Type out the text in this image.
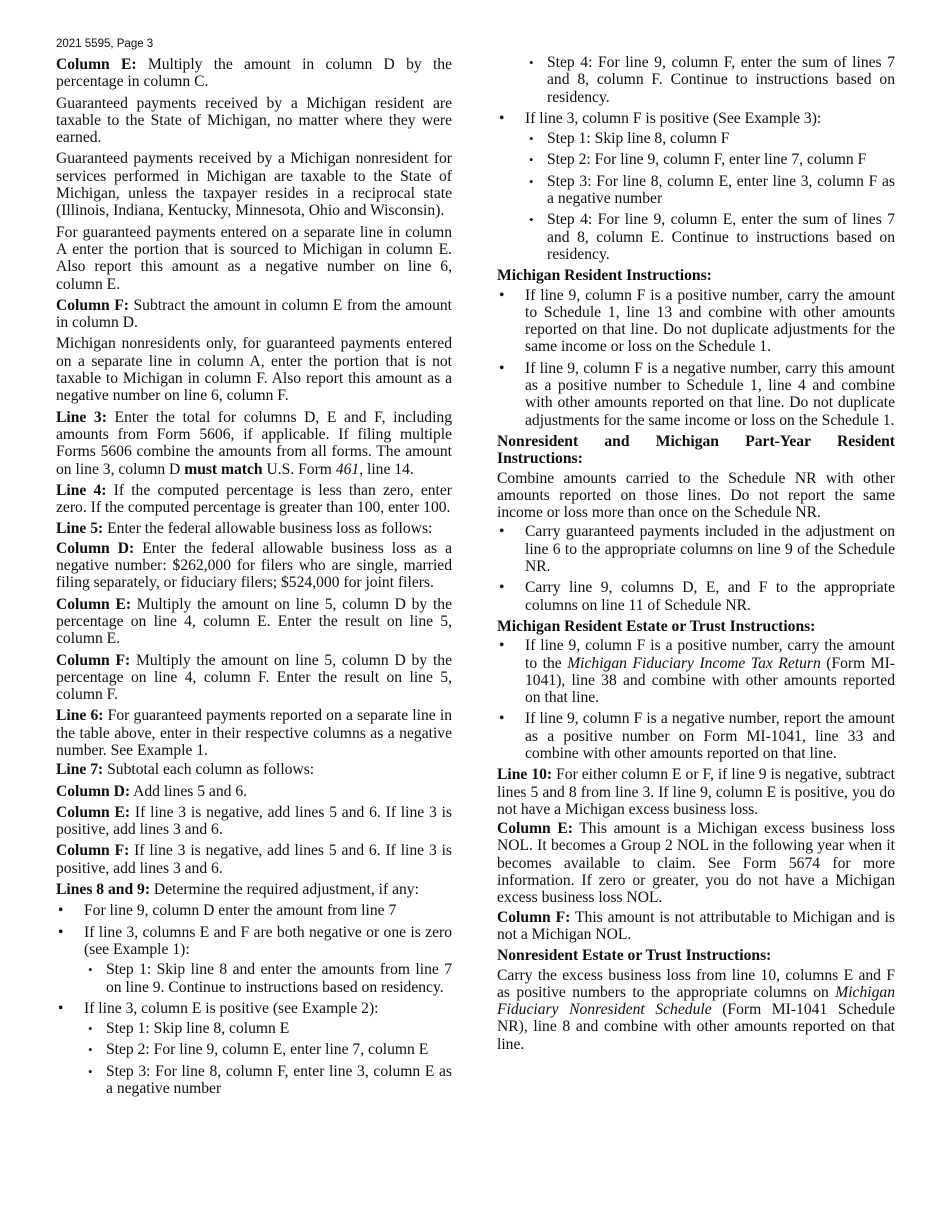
2021 5595, Page 3

Column E: Multiply the amount in column D by the percentage in column C.

Guaranteed payments received by a Michigan resident are taxable to the State of Michigan, no matter where they were earned.

Guaranteed payments received by a Michigan nonresident for services performed in Michigan are taxable to the State of Michigan, unless the taxpayer resides in a reciprocal state (Illinois, Indiana, Kentucky, Minnesota, Ohio and Wisconsin).

For guaranteed payments entered on a separate line in column A enter the portion that is sourced to Michigan in column E. Also report this amount as a negative number on line 6, column E.

Column F: Subtract the amount in column E from the amount in column D.

Michigan nonresidents only, for guaranteed payments entered on a separate line in column A, enter the portion that is not taxable to Michigan in column F. Also report this amount as a negative number on line 6, column F.

Line 3: Enter the total for columns D, E and F, including amounts from Form 5606, if applicable. If filing multiple Forms 5606 combine the amounts from all forms. The amount on line 3, column D must match U.S. Form 461, line 14.

Line 4: If the computed percentage is less than zero, enter zero. If the computed percentage is greater than 100, enter 100.

Line 5: Enter the federal allowable business loss as follows:

Column D: Enter the federal allowable business loss as a negative number: $262,000 for filers who are single, married filing separately, or fiduciary filers; $524,000 for joint filers.

Column E: Multiply the amount on line 5, column D by the percentage on line 4, column E. Enter the result on line 5, column E.

Column F: Multiply the amount on line 5, column D by the percentage on line 4, column F. Enter the result on line 5, column F.

Line 6: For guaranteed payments reported on a separate line in the table above, enter in their respective columns as a negative number. See Example 1.

Line 7: Subtotal each column as follows:

Column D: Add lines 5 and 6.

Column E: If line 3 is negative, add lines 5 and 6. If line 3 is positive, add lines 3 and 6.

Column F: If line 3 is negative, add lines 5 and 6. If line 3 is positive, add lines 3 and 6.

Lines 8 and 9: Determine the required adjustment, if any:

• For line 9, column D enter the amount from line 7
• If line 3, columns E and F are both negative or one is zero (see Example 1):
• Step 1: Skip line 8 and enter the amounts from line 7 on line 9. Continue to instructions based on residency.
• If line 3, column E is positive (see Example 2):
• Step 1: Skip line 8, column E
• Step 2: For line 9, column E, enter line 7, column E
• Step 3: For line 8, column F, enter line 3, column E as a negative number
• Step 4: For line 9, column F, enter the sum of lines 7 and 8, column F. Continue to instructions based on residency.
• If line 3, column F is positive (See Example 3):
• Step 1: Skip line 8, column F
• Step 2: For line 9, column F, enter line 7, column F
• Step 3: For line 8, column E, enter line 3, column F as a negative number
• Step 4: For line 9, column E, enter the sum of lines 7 and 8, column E. Continue to instructions based on residency.
Michigan Resident Instructions:
• If line 9, column F is a positive number, carry the amount to Schedule 1, line 13 and combine with other amounts reported on that line. Do not duplicate adjustments for the same income or loss on the Schedule 1.
• If line 9, column F is a negative number, carry this amount as a positive number to Schedule 1, line 4 and combine with other amounts reported on that line. Do not duplicate adjustments for the same income or loss on the Schedule 1.
Nonresident and Michigan Part-Year Resident Instructions:

Combine amounts carried to the Schedule NR with other amounts reported on those lines. Do not report the same income or loss more than once on the Schedule NR.

• Carry guaranteed payments included in the adjustment on line 6 to the appropriate columns on line 9 of the Schedule NR.
• Carry line 9, columns D, E, and F to the appropriate columns on line 11 of Schedule NR.
Michigan Resident Estate or Trust Instructions:
• If line 9, column F is a positive number, carry the amount to the Michigan Fiduciary Income Tax Return (Form MI-1041), line 38 and combine with other amounts reported on that line.
• If line 9, column F is a negative number, report the amount as a positive number on Form MI-1041, line 33 and combine with other amounts reported on that line.

Line 10: For either column E or F, if line 9 is negative, subtract lines 5 and 8 from line 3. If line 9, column E is positive, you do not have a Michigan excess business loss.

Column E: This amount is a Michigan excess business loss NOL. It becomes a Group 2 NOL in the following year when it becomes available to claim. See Form 5674 for more information. If zero or greater, you do not have a Michigan excess business loss NOL.

Column F: This amount is not attributable to Michigan and is not a Michigan NOL.

Nonresident Estate or Trust Instructions:

Carry the excess business loss from line 10, columns E and F as positive numbers to the appropriate columns on Michigan Fiduciary Nonresident Schedule (Form MI-1041 Schedule NR), line 8 and combine with other amounts reported on that line.
